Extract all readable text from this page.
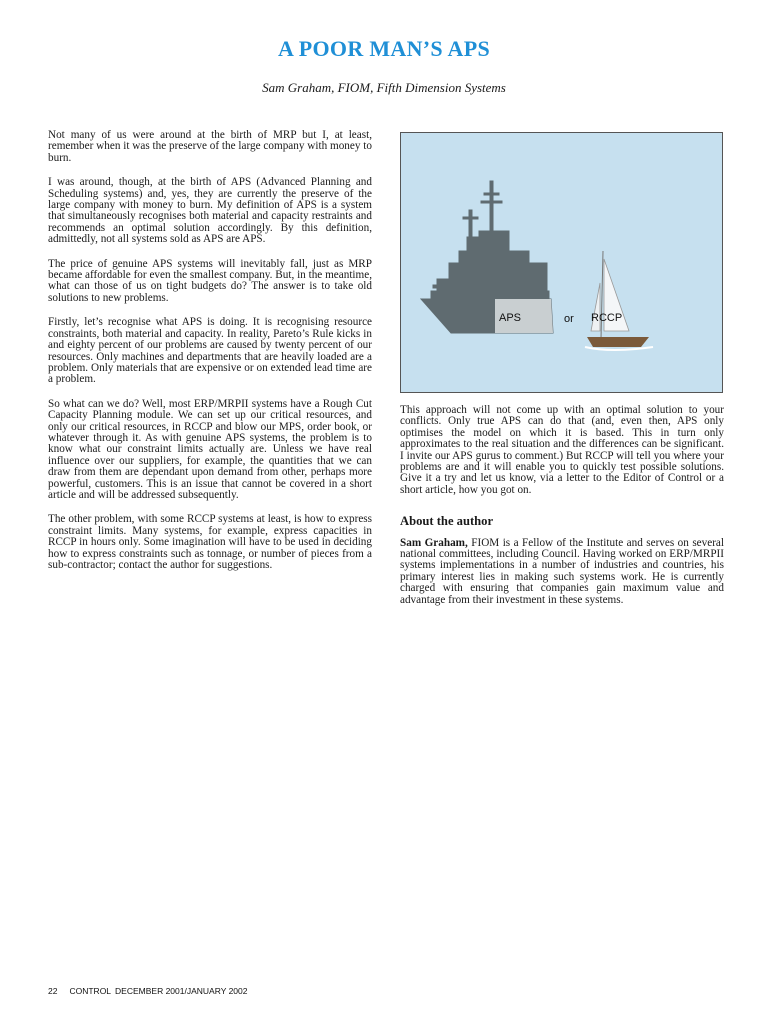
A POOR MAN’S APS
Sam Graham, FIOM, Fifth Dimension Systems

Not many of us were around at the birth of MRP but I, at least, remember when it was the preserve of the large company with money to burn.

I was around, though, at the birth of APS (Advanced Planning and Scheduling systems) and, yes, they are currently the preserve of the large company with money to burn. My definition of APS is a system that simultaneously recognises both material and capacity restraints and recommends an optimal solution accordingly. By this definition, admittedly, not all systems sold as APS are APS.

The price of genuine APS systems will inevitably fall, just as MRP became affordable for even the smallest company. But, in the meantime, what can those of us on tight budgets do? The answer is to take old solutions to new problems.

Firstly, let’s recognise what APS is doing. It is recognising resource constraints, both material and capacity. In reality, Pareto’s Rule kicks in and eighty percent of our problems are caused by twenty percent of our resources. Only machines and departments that are heavily loaded are a problem. Only materials that are expensive or on extended lead time are a problem.

So what can we do? Well, most ERP/MRPII systems have a Rough Cut Capacity Planning module. We can set up our critical resources, and only our critical resources, in RCCP and blow our MPS, order book, or whatever through it. As with genuine APS systems, the problem is to know what our constraint limits actually are. Unless we have real influence over our suppliers, for example, the quantities that we can draw from them are dependant upon demand from other, perhaps more powerful, customers. This is an issue that cannot be covered in a short article and will be addressed subsequently.

The other problem, with some RCCP systems at least, is how to express constraint limits. Many systems, for example, express capacities in RCCP in hours only. Some imagination will have to be used in deciding how to express constraints such as tonnage, or number of pieces from a sub-contractor; contact the author for suggestions.

APS	or RCCP

This approach will not come up with an optimal solution to your conflicts. Only true APS can do that (and, even then, APS only optimises the model on which it is based. This in turn only approximates to the real situation and the differences can be significant. I invite our APS gurus to comment.) But RCCP will tell you where your problems are and it will enable you to quickly test possible solutions. Give it a try and let us know, via a letter to the Editor of Control or a short article, how you got on.

About the author

Sam Graham, FIOM is a Fellow of the Institute and serves on several national committees, including Council. Having worked on ERP/MRPII systems implementations in a number of industries and countries, his primary interest lies in making such systems work. He is currently charged with ensuring that companies gain maximum value and advantage from their investment in these systems.

22 CONTROL DECEMBER 2001/JANUARY 2002
